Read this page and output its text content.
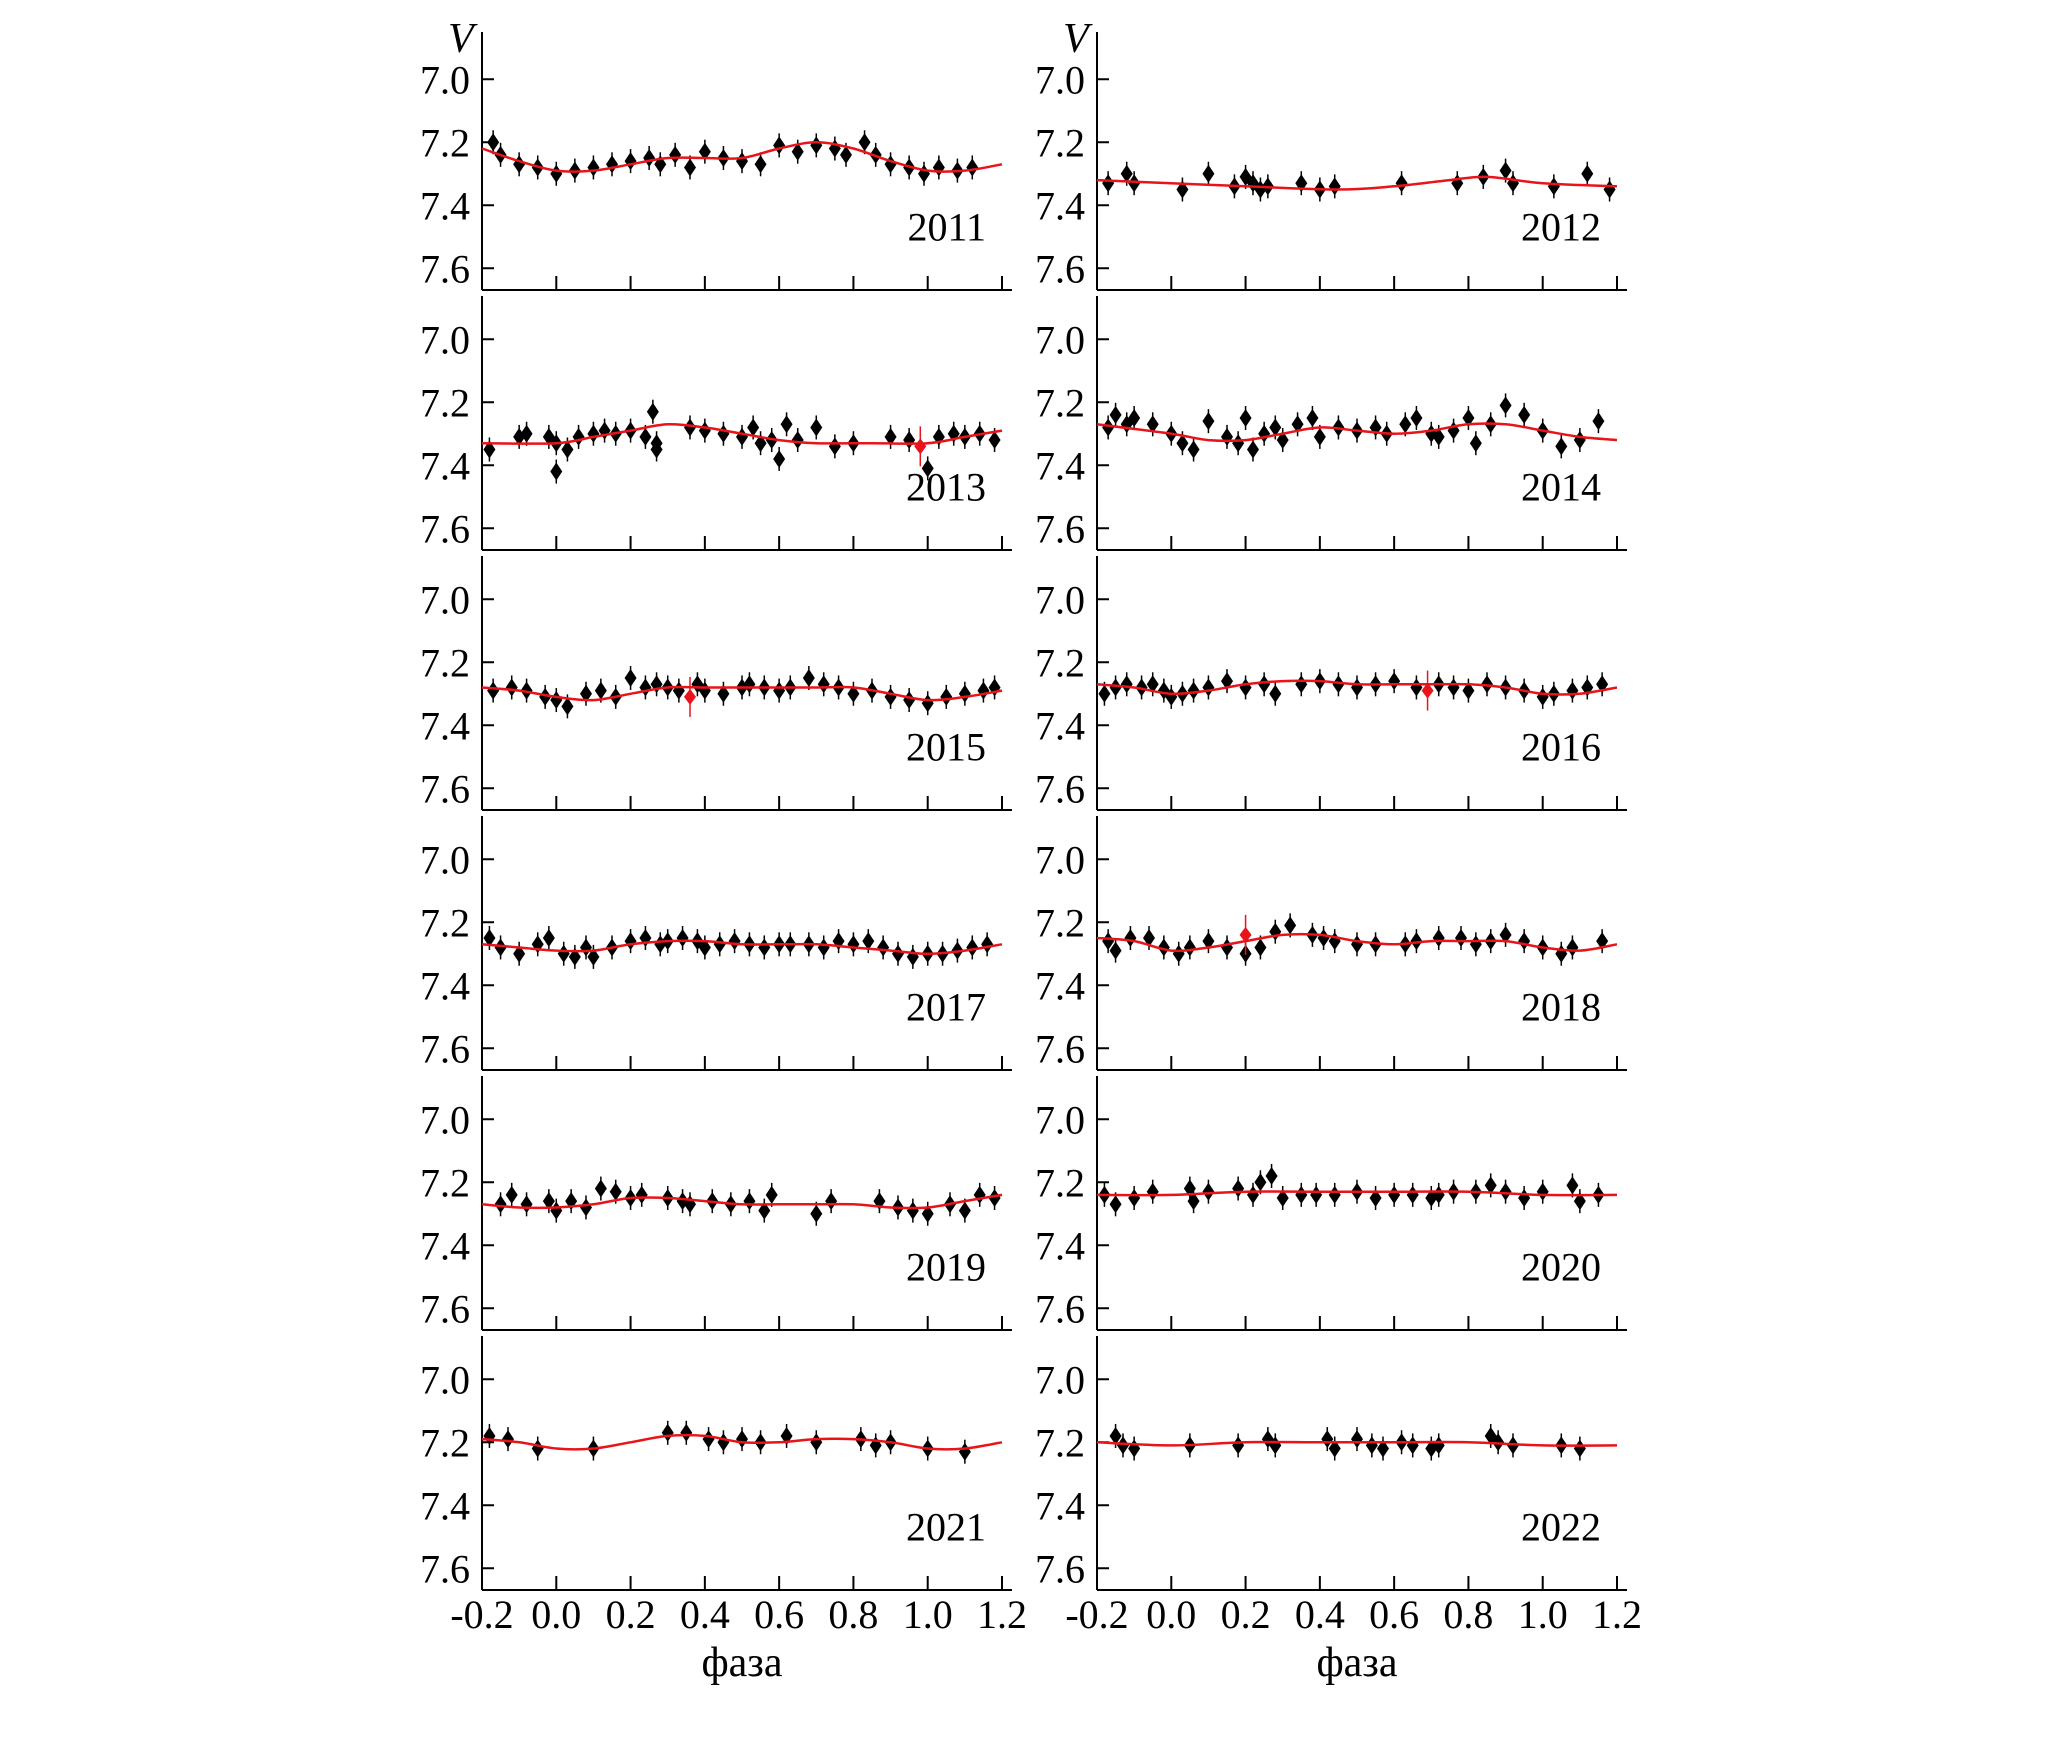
7.0
7.2
7.4
7.6
V
2011
7.0
7.2
7.4
7.6
V
2012
7.0
7.2
7.4
7.6
2013
7.0
7.2
7.4
7.6
2014
7.0
7.2
7.4
7.6
2015
7.0
7.2
7.4
7.6
2016
7.0
7.2
7.4
7.6
2017
7.0
7.2
7.4
7.6
2018
7.0
7.2
7.4
7.6
2019
7.0
7.2
7.4
7.6
2020
-0.2 0.0 0.2 0.4 0.6 0.8 1.0 1.2
7.0
7.2
7.4
7.6
фаза
2021
-0.2 0.0 0.2 0.4 0.6 0.8 1.0 1.2
7.0
7.2
7.4
7.6
фаза
2022
